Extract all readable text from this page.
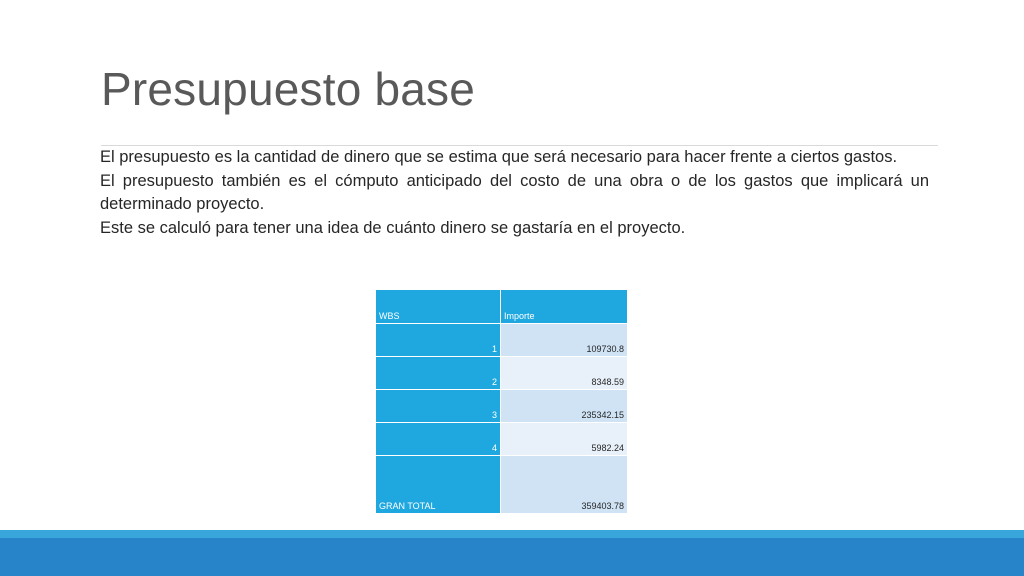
Presupuesto base

El presupuesto es la cantidad de dinero que se estima que será necesario para hacer frente a ciertos gastos.

El presupuesto también es el cómputo anticipado del costo de una obra o de los gastos que implicará un determinado proyecto.

Este se calculó para tener una idea de cuánto dinero se gastaría en el proyecto.

WBS	Importe
1	109730.8
2	8348.59
3	235342.15
4	5982.24
GRAN TOTAL	359403.78
